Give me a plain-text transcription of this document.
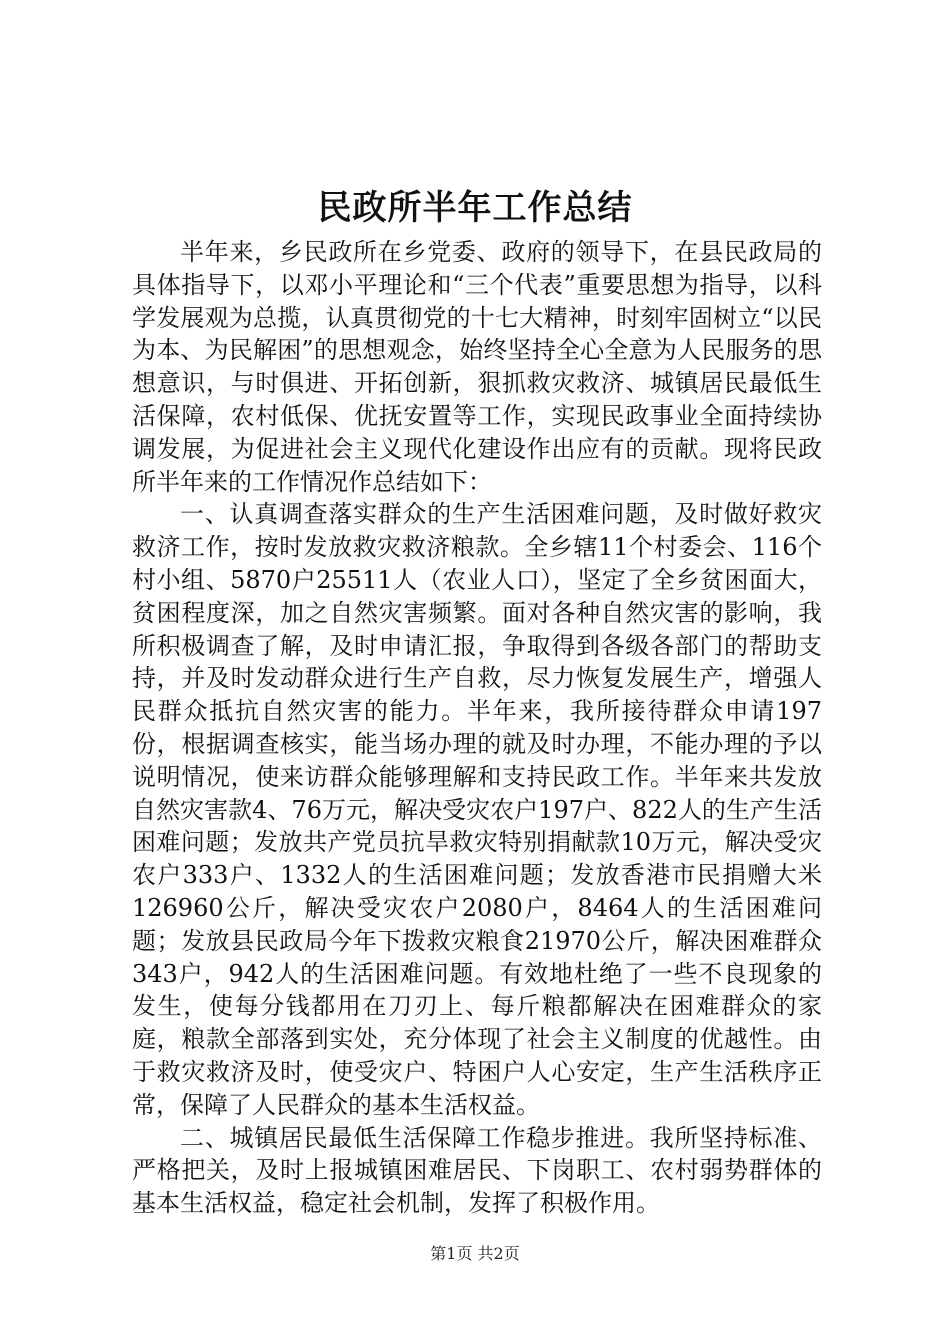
民政所半年工作总结

半年来，乡民政所在乡党委、政府的领导下，在县民政局的具体指导下，以邓小平理论和“三个代表”重要思想为指导，以科学发展观为总揽，认真贯彻党的十七大精神，时刻牢固树立“以民为本、为民解困”的思想观念，始终坚持全心全意为人民服务的思想意识，与时俱进、开拓创新，狠抓救灾救济、城镇居民最低生活保障，农村低保、优抚安置等工作，实现民政事业全面持续协调发展，为促进社会主义现代化建设作出应有的贡献。现将民政所半年来的工作情况作总结如下：

一、认真调查落实群众的生产生活困难问题，及时做好救灾救济工作，按时发放救灾救济粮款。全乡辖11个村委会、116个村小组、5870户25511人（农业人口），坚定了全乡贫困面大，贫困程度深，加之自然灾害频繁。面对各种自然灾害的影响，我所积极调查了解，及时申请汇报，争取得到各级各部门的帮助支持，并及时发动群众进行生产自救，尽力恢复发展生产，增强人民群众抵抗自然灾害的能力。半年来，我所接待群众申请197份，根据调查核实，能当场办理的就及时办理，不能办理的予以说明情况，使来访群众能够理解和支持民政工作。半年来共发放自然灾害款4、76万元，解决受灾农户197户、822人的生产生活困难问题；发放共产党员抗旱救灾特别捐献款10万元，解决受灾农户333户、1332人的生活困难问题；发放香港市民捐赠大米126960公斤，解决受灾农户2080户，8464人的生活困难问题；发放县民政局今年下拨救灾粮食21970公斤，解决困难群众343户，942人的生活困难问题。有效地杜绝了一些不良现象的发生，使每分钱都用在刀刃上、每斤粮都解决在困难群众的家庭，粮款全部落到实处，充分体现了社会主义制度的优越性。由于救灾救济及时，使受灾户、特困户人心安定，生产生活秩序正常，保障了人民群众的基本生活权益。

二、城镇居民最低生活保障工作稳步推进。我所坚持标准、严格把关，及时上报城镇困难居民、下岗职工、农村弱势群体的基本生活权益，稳定社会机制，发挥了积极作用。

第1页 共2页
